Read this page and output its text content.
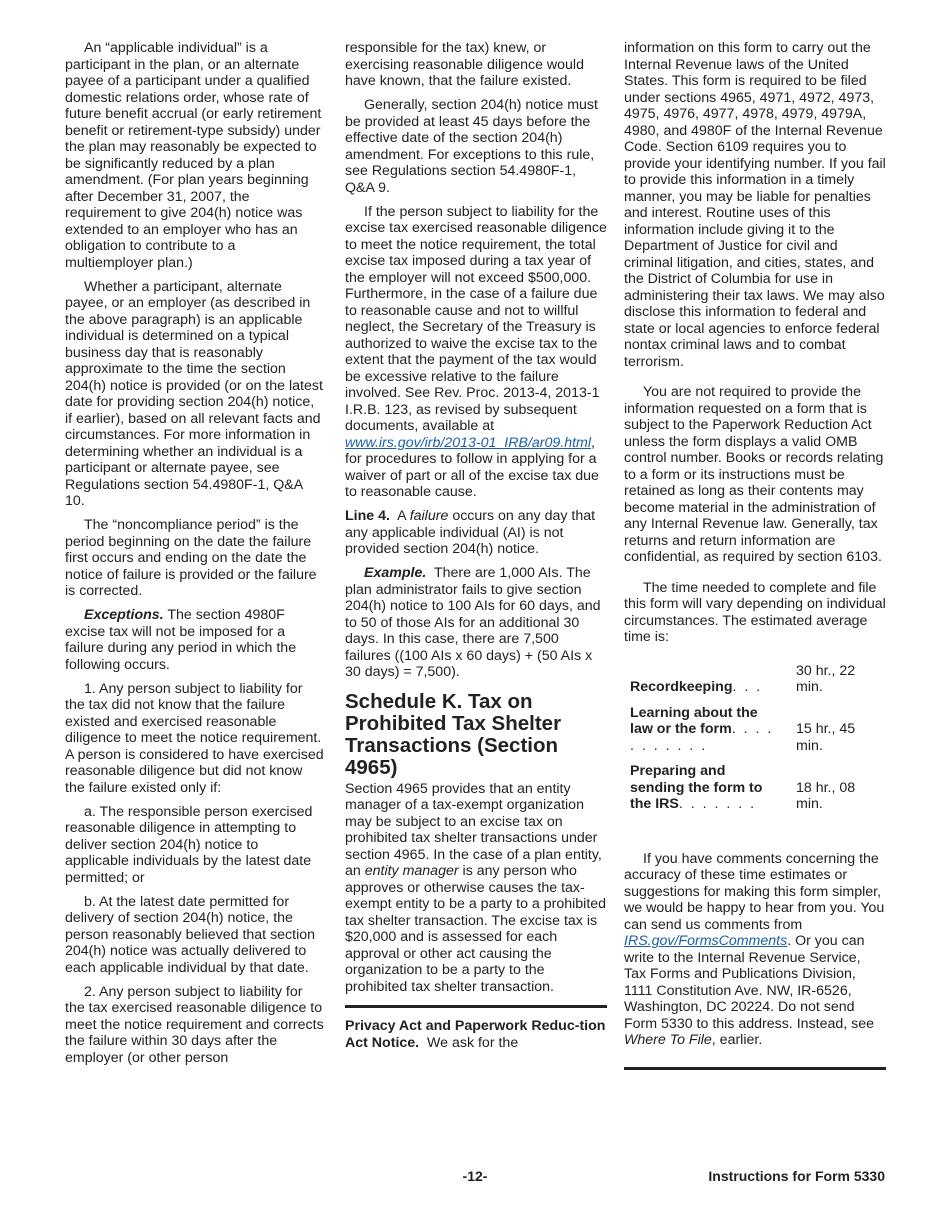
An “applicable individual” is a participant in the plan, or an alternate payee of a participant under a qualified domestic relations order, whose rate of future benefit accrual (or early retirement benefit or retirement-type subsidy) under the plan may reasonably be expected to be significantly reduced by a plan amendment. (For plan years beginning after December 31, 2007, the requirement to give 204(h) notice was extended to an employer who has an obligation to contribute to a multiemployer plan.)

Whether a participant, alternate payee, or an employer (as described in the above paragraph) is an applicable individual is determined on a typical business day that is reasonably approximate to the time the section 204(h) notice is provided (or on the latest date for providing section 204(h) notice, if earlier), based on all relevant facts and circumstances. For more information in determining whether an individual is a participant or alternate payee, see Regulations section 54.4980F-1, Q&A 10.

The “noncompliance period” is the period beginning on the date the failure first occurs and ending on the date the notice of failure is provided or the failure is corrected.

Exceptions. The section 4980F excise tax will not be imposed for a failure during any period in which the following occurs.

1. Any person subject to liability for the tax did not know that the failure existed and exercised reasonable diligence to meet the notice requirement. A person is considered to have exercised reasonable diligence but did not know the failure existed only if:

a. The responsible person exercised reasonable diligence in attempting to deliver section 204(h) notice to applicable individuals by the latest date permitted; or

b. At the latest date permitted for delivery of section 204(h) notice, the person reasonably believed that section 204(h) notice was actually delivered to each applicable individual by that date.

2. Any person subject to liability for the tax exercised reasonable diligence to meet the notice requirement and corrects the failure within 30 days after the employer (or other person

responsible for the tax) knew, or exercising reasonable diligence would have known, that the failure existed.

Generally, section 204(h) notice must be provided at least 45 days before the effective date of the section 204(h) amendment. For exceptions to this rule, see Regulations section 54.4980F-1, Q&A 9.

If the person subject to liability for the excise tax exercised reasonable diligence to meet the notice requirement, the total excise tax imposed during a tax year of the employer will not exceed $500,000. Furthermore, in the case of a failure due to reasonable cause and not to willful neglect, the Secretary of the Treasury is authorized to waive the excise tax to the extent that the payment of the tax would be excessive relative to the failure involved. See Rev. Proc. 2013-4, 2013-1 I.R.B. 123, as revised by subsequent documents, available at www.irs.gov/irb/2013-01_IRB/ar09.html, for procedures to follow in applying for a waiver of part or all of the excise tax due to reasonable cause.

Line 4. A failure occurs on any day that any applicable individual (AI) is not provided section 204(h) notice.

Example. There are 1,000 AIs. The plan administrator fails to give section 204(h) notice to 100 AIs for 60 days, and to 50 of those AIs for an additional 30 days. In this case, there are 7,500 failures ((100 AIs x 60 days) + (50 AIs x 30 days) = 7,500).

Schedule K. Tax on Prohibited Tax Shelter Transactions (Section 4965)

Section 4965 provides that an entity manager of a tax-exempt organization may be subject to an excise tax on prohibited tax shelter transactions under section 4965. In the case of a plan entity, an entity manager is any person who approves or otherwise causes the tax-exempt entity to be a party to a prohibited tax shelter transaction. The excise tax is $20,000 and is assessed for each approval or other act causing the organization to be a party to the prohibited tax shelter transaction.

Privacy Act and Paperwork Reduc-tion Act Notice. We ask for the

information on this form to carry out the Internal Revenue laws of the United States. This form is required to be filed under sections 4965, 4971, 4972, 4973, 4975, 4976, 4977, 4978, 4979, 4979A, 4980, and 4980F of the Internal Revenue Code. Section 6109 requires you to provide your identifying number. If you fail to provide this information in a timely manner, you may be liable for penalties and interest. Routine uses of this information include giving it to the Department of Justice for civil and criminal litigation, and cities, states, and the District of Columbia for use in administering their tax laws. We may also disclose this information to federal and state or local agencies to enforce federal nontax criminal laws and to combat terrorism.

You are not required to provide the information requested on a form that is subject to the Paperwork Reduction Act unless the form displays a valid OMB control number. Books or records relating to a form or its instructions must be retained as long as their contents may become material in the administration of any Internal Revenue law. Generally, tax returns and return information are confidential, as required by section 6103.

The time needed to complete and file this form will vary depending on individual circumstances. The estimated average time is:

Recordkeeping. . .	30 hr., 22 min.
Learning about the law or the form. . . . . . . . . . .	15 hr., 45 min.
Preparing and sending the form to the IRS. . . . . . .	18 hr., 08 min.

If you have comments concerning the accuracy of these time estimates or suggestions for making this form simpler, we would be happy to hear from you. You can send us comments from IRS.gov/FormsComments. Or you can write to the Internal Revenue Service, Tax Forms and Publications Division, 1111 Constitution Ave. NW, IR-6526, Washington, DC 20224. Do not send Form 5330 to this address. Instead, see Where To File, earlier.

-12-	Instructions for Form 5330
